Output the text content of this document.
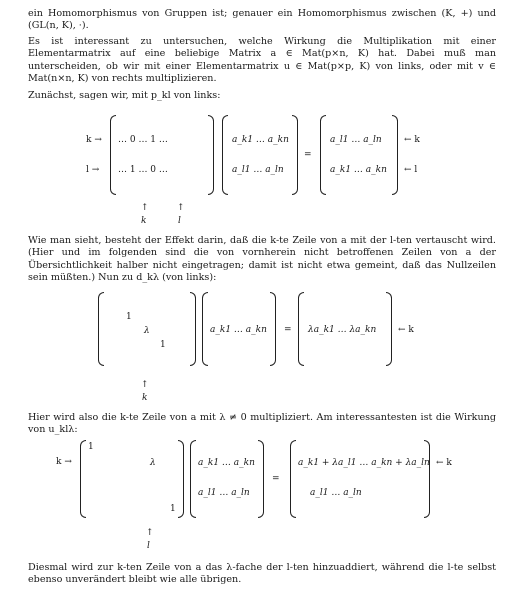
ein Homomorphismus von Gruppen ist; genauer ein Homomorphismus zwischen (K, +) und (GL(n, K), ·).

Es ist interessant zu untersuchen, welche Wirkung die Multiplikation mit einer Elementarmatrix auf eine beliebige Matrix a ∈ Mat(p×n, K) hat. Dabei muß man unterscheiden, ob wir mit einer Elementarmatrix u ∈ Mat(p×p, K) von links, oder mit v ∈ Mat(n×n, K) von rechts multiplizieren.

Zunächst, sagen wir, mit p_kl von links:

k →
l →
… 0 … 1 …
… 1 … 0 …
a_k1 … a_kn
a_l1 … a_ln
=
a_l1 … a_ln
a_k1 … a_kn
← k
← l
↑
k
↑
l

Wie man sieht, besteht der Effekt darin, daß die k-te Zeile von a mit der l-ten vertauscht wird. (Hier und im folgenden sind die von vornherein nicht betroffenen Zeilen von a der Übersichtlichkeit halber nicht eingetragen; damit ist nicht etwa gemeint, daß das Nullzeilen sein müßten.) Nun zu d_kλ (von links):

1
λ
1
a_k1 … a_kn = λa_k1 … λa_kn ← k
↑
k

Hier wird also die k-te Zeile von a mit λ ≠ 0 multipliziert. Am interessantesten ist die Wirkung von u_klλ:

k →
1
λ
1
a_k1 … a_kn
a_l1 … a_ln
=
a_k1 + λa_l1 … a_kn + λa_ln
a_l1 … a_ln
← k
↑
l

Diesmal wird zur k-ten Zeile von a das λ-fache der l-ten hinzuaddiert, während die l-te selbst ebenso unverändert bleibt wie alle übrigen.
